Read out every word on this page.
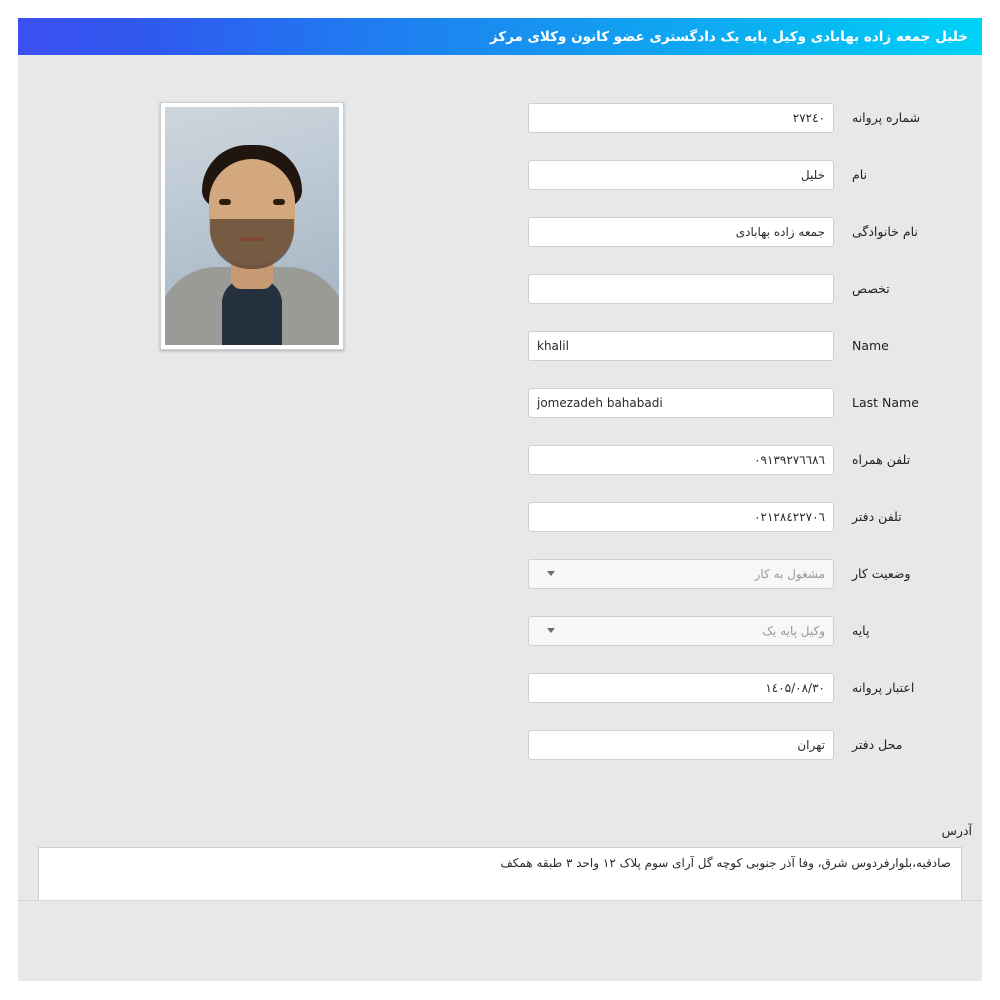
خلیل جمعه زاده بهابادی وکیل پایه یک دادگستری عضو کانون وکلای مرکز
شماره پروانه
۲۷۲٤۰
نام
خلیل
نام خانوادگی
جمعه زاده بهابادی
تخصص
Name
khalil
Last Name
jomezadeh bahabadi
تلفن همراه
۰۹۱۳۹۲۷٦٦۸٦
تلفن دفتر
۰۲۱۲۸٤۲۲۷۰٦
وضعیت کار
مشغول به کار
پایه
وکیل پایه یک
اعتبار پروانه
۱٤۰۵/۰۸/۳۰
محل دفتر
تهران
آدرس
صادقیه،بلوارفردوس شرق، وفا آذر جنوبی کوچه گل آرای سوم پلاک ۱۲ واحد ۳ طبقه همکف
